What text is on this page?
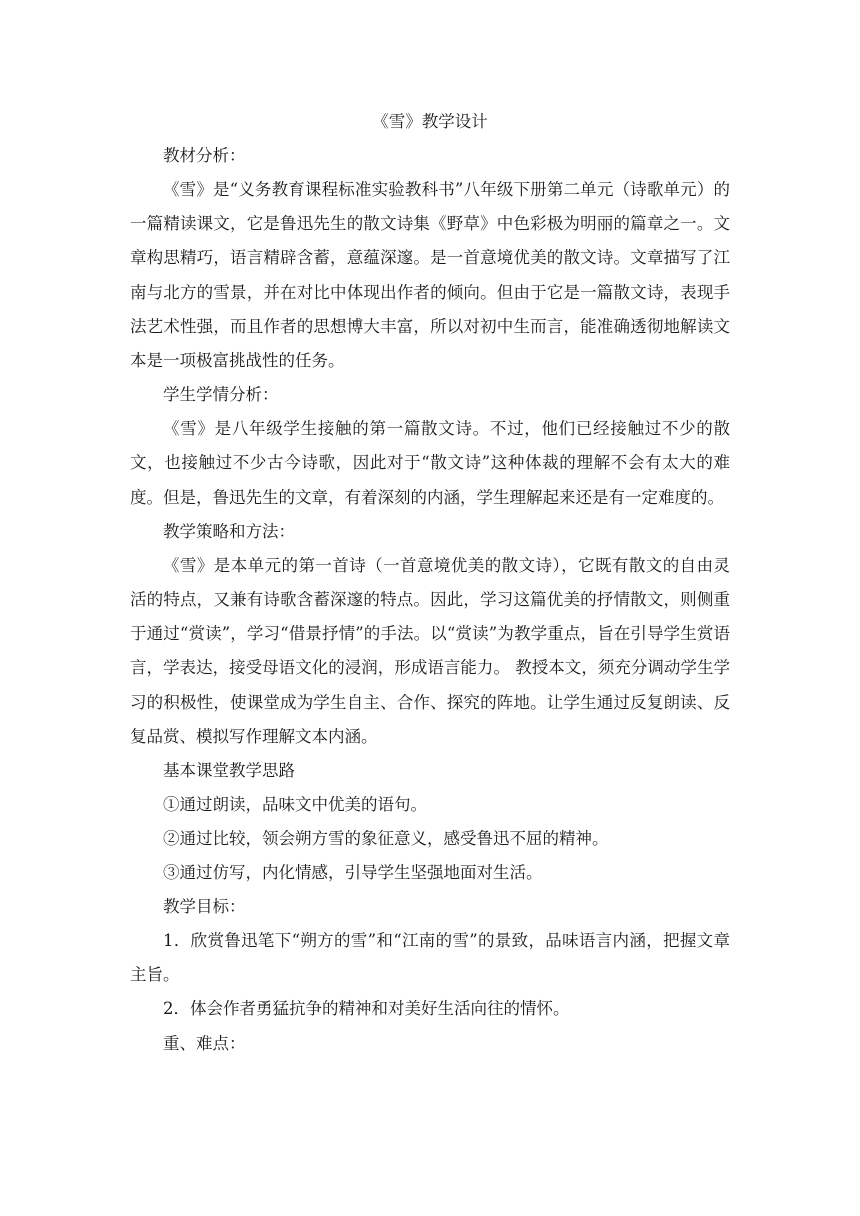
《雪》教学设计

教材分析：

《雪》是“义务教育课程标准实验教科书”八年级下册第二单元（诗歌单元）的一篇精读课文，它是鲁迅先生的散文诗集《野草》中色彩极为明丽的篇章之一。文章构思精巧，语言精辟含蓄，意蕴深邃。是一首意境优美的散文诗。文章描写了江南与北方的雪景，并在对比中体现出作者的倾向。但由于它是一篇散文诗，表现手法艺术性强，而且作者的思想博大丰富，所以对初中生而言，能准确透彻地解读文本是一项极富挑战性的任务。

学生学情分析：

《雪》是八年级学生接触的第一篇散文诗。不过，他们已经接触过不少的散文，也接触过不少古今诗歌，因此对于“散文诗”这种体裁的理解不会有太大的难度。但是，鲁迅先生的文章，有着深刻的内涵，学生理解起来还是有一定难度的。

教学策略和方法：

《雪》是本单元的第一首诗（一首意境优美的散文诗），它既有散文的自由灵活的特点，又兼有诗歌含蓄深邃的特点。因此，学习这篇优美的抒情散文，则侧重于通过“赏读”，学习“借景抒情”的手法。以“赏读”为教学重点，旨在引导学生赏语言，学表达，接受母语文化的浸润，形成语言能力。 教授本文，须充分调动学生学习的积极性，使课堂成为学生自主、合作、探究的阵地。让学生通过反复朗读、反复品赏、模拟写作理解文本内涵。

基本课堂教学思路

①通过朗读，品味文中优美的语句。

②通过比较，领会朔方雪的象征意义，感受鲁迅不屈的精神。

③通过仿写，内化情感，引导学生坚强地面对生活。

教学目标：

1．欣赏鲁迅笔下“朔方的雪”和“江南的雪”的景致，品味语言内涵，把握文章主旨。

2．体会作者勇猛抗争的精神和对美好生活向往的情怀。

重、难点：
